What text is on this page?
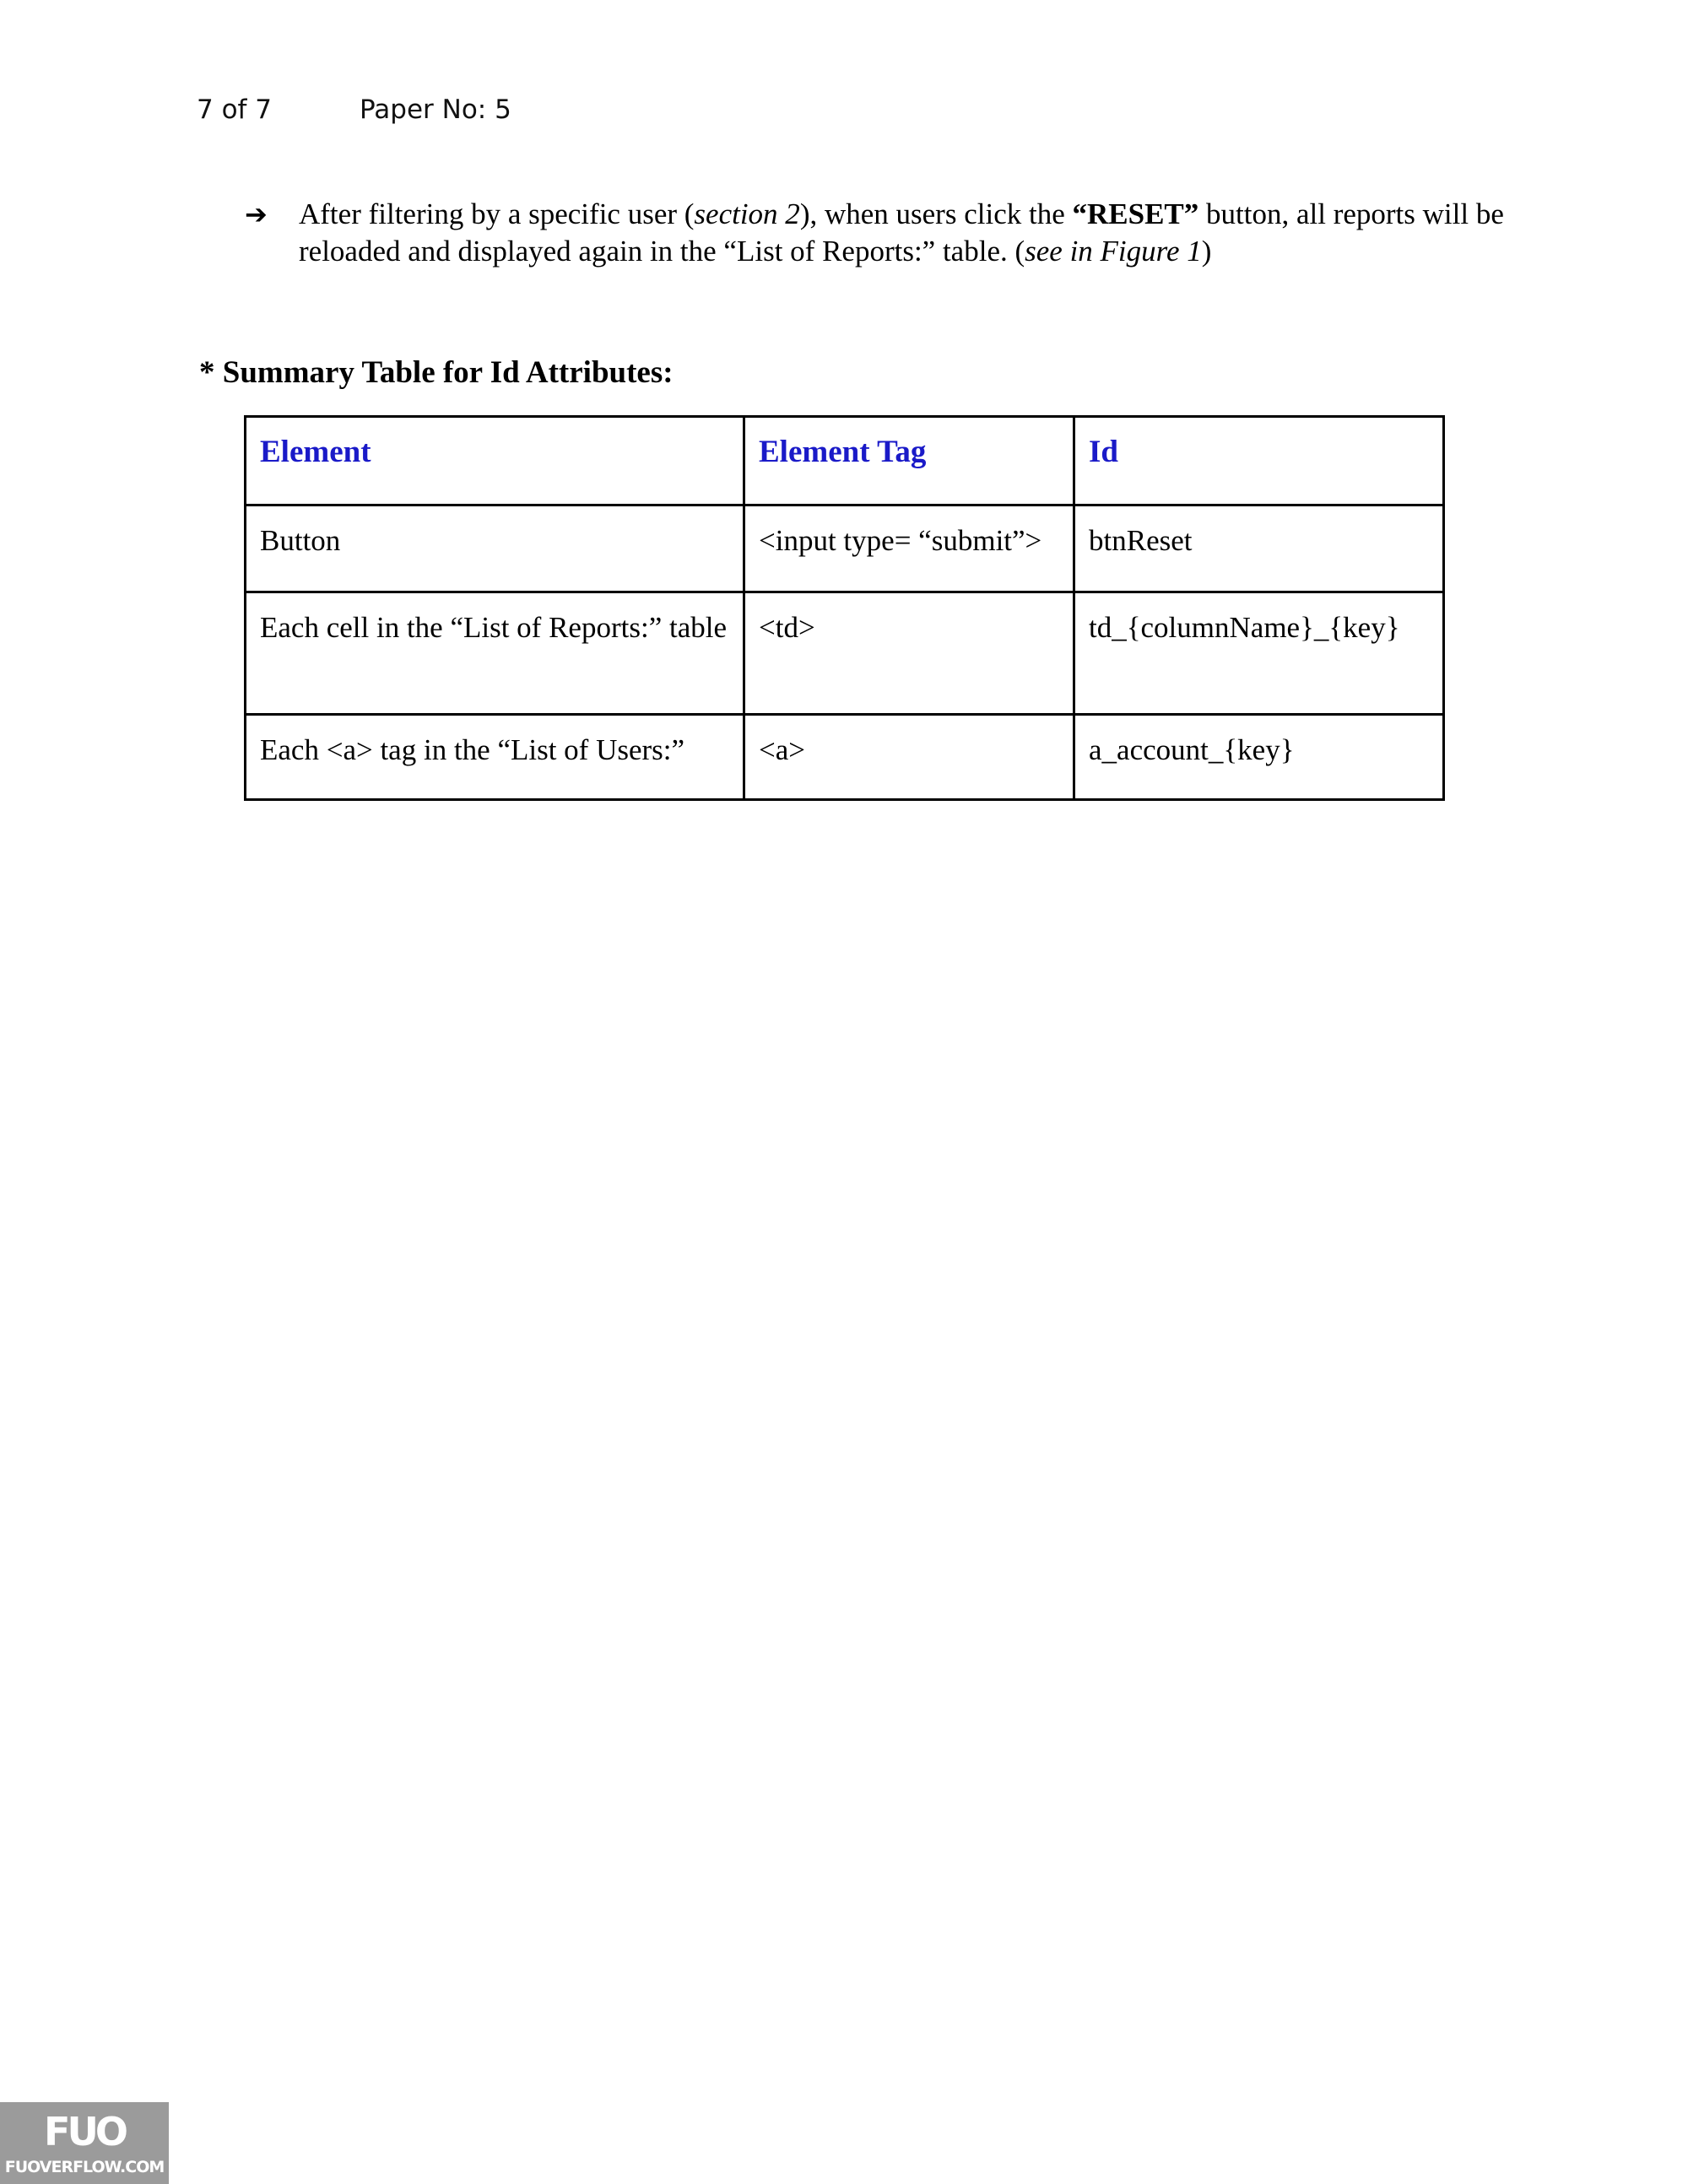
7 of 7	Paper No: 5
➔	After filtering by a specific user (section 2), when users click the “RESET” button, all reports will be reloaded and displayed again in the “List of Reports:” table. (see in Figure 1)
* Summary Table for Id Attributes:
Element	Element Tag	Id
Button	<input type= “submit”>	btnReset
Each cell in the “List of Reports:” table	<td>	td_{columnName}_{key}
Each <a> tag in the “List of Users:”	<a>	a_account_{key}
FUO
FUOVERFLOW.COM
